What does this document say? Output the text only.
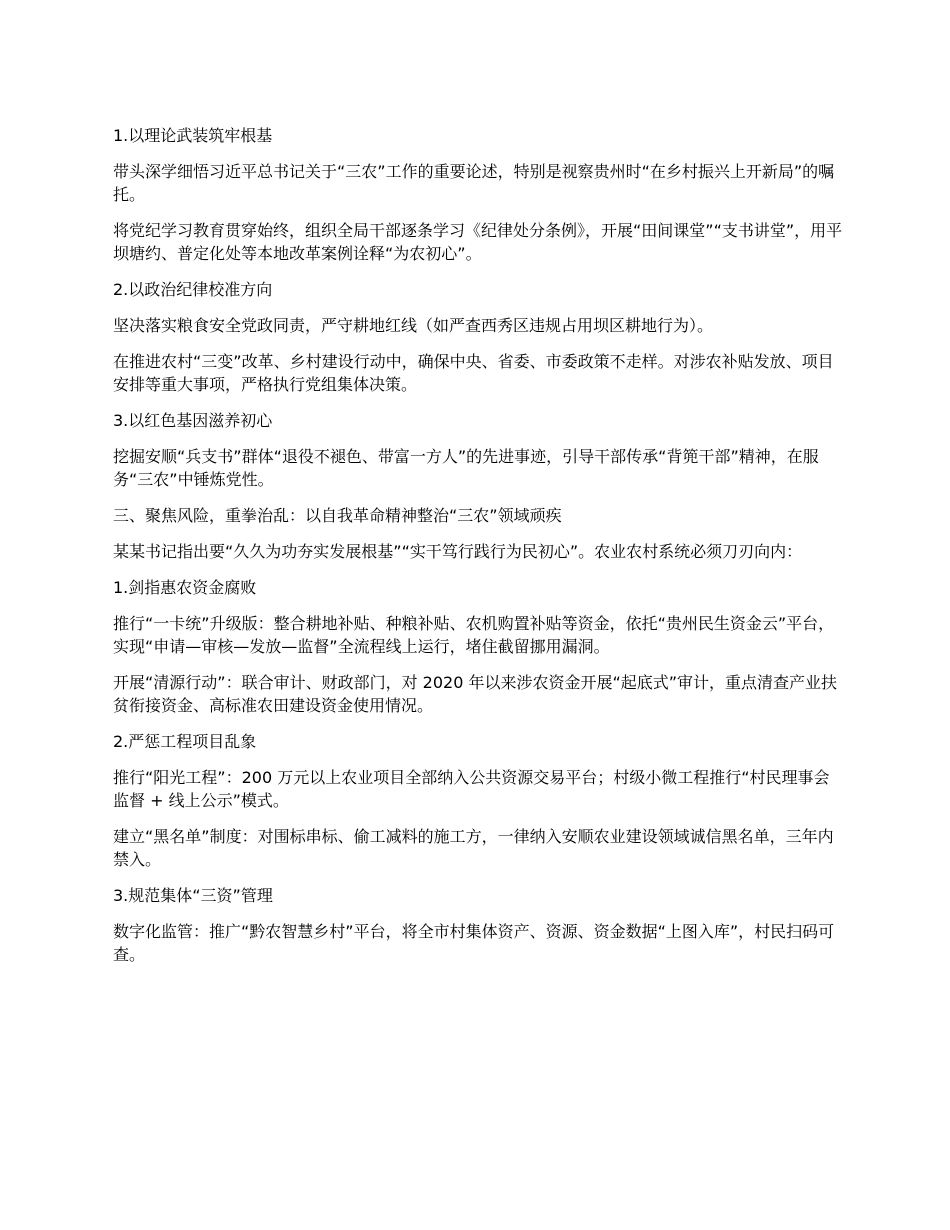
1.以理论武装筑牢根基

带头深学细悟习近平总书记关于“三农”工作的重要论述，特别是视察贵州时“在乡村振兴上开新局”的嘱托。

将党纪学习教育贯穿始终，组织全局干部逐条学习《纪律处分条例》，开展“田间课堂”“支书讲堂”，用平坝塘约、普定化处等本地改革案例诠释“为农初心”。

2.以政治纪律校准方向

坚决落实粮食安全党政同责，严守耕地红线（如严查西秀区违规占用坝区耕地行为）。

在推进农村“三变”改革、乡村建设行动中，确保中央、省委、市委政策不走样。对涉农补贴发放、项目安排等重大事项，严格执行党组集体决策。

3.以红色基因滋养初心

挖掘安顺“兵支书”群体“退役不褪色、带富一方人”的先进事迹，引导干部传承“背篼干部”精神，在服务“三农”中锤炼党性。

三、聚焦风险，重拳治乱：以自我革命精神整治“三农”领域顽疾

某某书记指出要“久久为功夯实发展根基”“实干笃行践行为民初心”。农业农村系统必须刀刃向内：

1.剑指惠农资金腐败

推行“一卡统”升级版：整合耕地补贴、种粮补贴、农机购置补贴等资金，依托“贵州民生资金云”平台，实现“申请—审核—发放—监督”全流程线上运行，堵住截留挪用漏洞。

开展“清源行动”：联合审计、财政部门，对 2020 年以来涉农资金开展“起底式”审计，重点清查产业扶贫衔接资金、高标准农田建设资金使用情况。

2.严惩工程项目乱象

推行“阳光工程”：200 万元以上农业项目全部纳入公共资源交易平台；村级小微工程推行“村民理事会监督 + 线上公示”模式。

建立“黑名单”制度：对围标串标、偷工减料的施工方，一律纳入安顺农业建设领域诚信黑名单，三年内禁入。

3.规范集体“三资”管理

数字化监管：推广“黔农智慧乡村”平台，将全市村集体资产、资源、资金数据“上图入库”，村民扫码可查。
